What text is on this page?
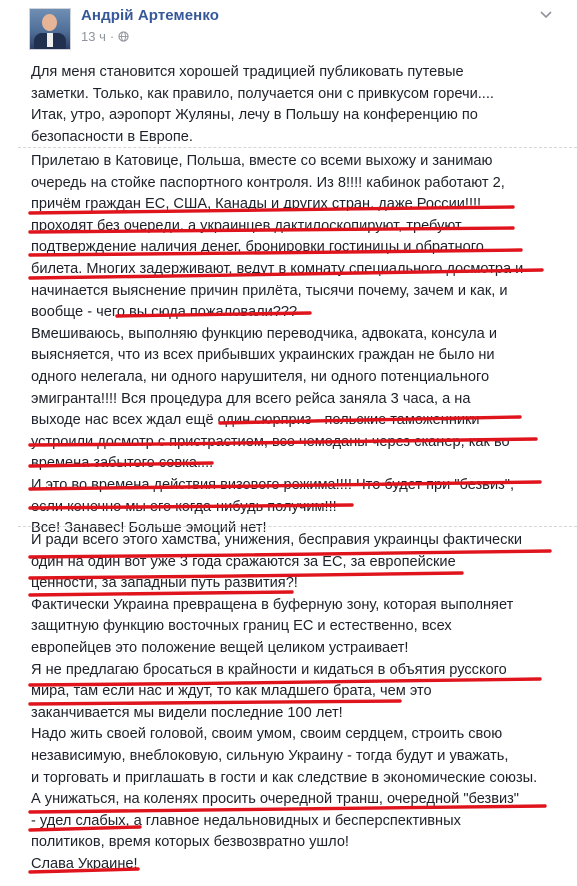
Андрій Артеменко
13 ч ·
Для меня становится хорошей традицией публиковать путевые
заметки. Только, как правило, получается они с привкусом горечи....
Итак, утро, аэропорт Жуляны, лечу в Польшу на конференцию по
безопасности в Европе.
Прилетаю в Катовице, Польша, вместе со всеми выхожу и занимаю
очередь на стойке паспортного контроля. Из 8!!!! кабинок работают 2,
причём граждан ЕС, США, Канады и других стран, даже России!!!!
проходят без очереди, а украинцев дактилоскопируют, требуют
подтверждение наличия денег, бронировки гостиницы и обратного
билета. Многих задерживают, ведут в комнату специального досмотра и
начинается выяснение причин прилёта, тысячи почему, зачем и как, и
вообще - чего вы сюда пожаловали???
Вмешиваюсь, выполняю функцию переводчика, адвоката, консула и
выясняется, что из всех прибывших украинских граждан не было ни
одного нелегала, ни одного нарушителя, ни одного потенциального
эмигранта!!!! Вся процедура для всего рейса заняла 3 часа, а на
выходе нас всех ждал ещё один сюрприз - польские таможенники
устроили досмотр с пристрастием, все чемоданы через сканер, как во
времена забытого совка....
И это во времена действия визового режима!!!! Что будет при "безвиз",
если конечно мы его когда-нибудь получим!!!
Все! Занавес! Больше эмоций нет!
И ради всего этого хамства, унижения, бесправия украинцы фактически
один на один вот уже 3 года сражаются за ЕС, за европейские
ценности, за западный путь развития?!
Фактически Украина превращена в буферную зону, которая выполняет
защитную функцию восточных границ ЕС и естественно, всех
европейцев это положение вещей целиком устраивает!
Я не предлагаю бросаться в крайности и кидаться в объятия русского
мира, там если нас и ждут, то как младшего брата, чем это
заканчивается мы видели последние 100 лет!
Надо жить своей головой, своим умом, своим сердцем, строить свою
независимую, внеблоковую, сильную Украину - тогда будут и уважать,
и торговать и приглашать в гости и как следствие в экономические союзы.
А унижаться, на коленях просить очередной транш, очередной "безвиз"
- удел слабых, а главное недальновидных и бесперспективных
политиков, время которых безвозвратно ушло!
Слава Украине!
